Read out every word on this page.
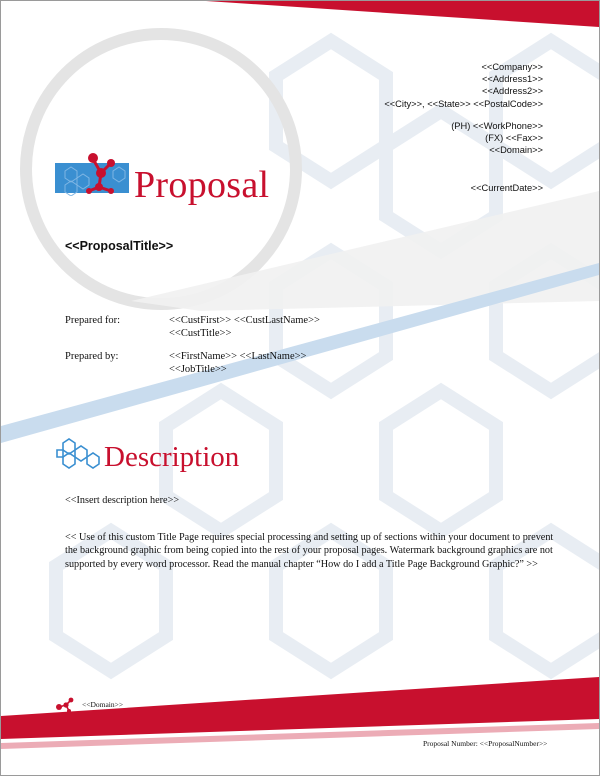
<<Company>>
<<Address1>>
<<Address2>>
<<City>>, <<State>> <<PostalCode>>
(PH) <<WorkPhone>>
(FX) <<Fax>>
<<Domain>>
<<CurrentDate>>
Proposal
<<ProposalTitle>>
Prepared for:	<<CustFirst>> <<CustLastName>>
<<CustTitle>>
Prepared by:	<<FirstName>> <<LastName>>
<<JobTitle>>
Description
<<Insert description here>>
<< Use of this custom Title Page requires special processing and setting up of sections within your document to prevent the background graphic from being copied into the rest of your proposal pages. Watermark background graphics are not supported by every word processor. Read the manual chapter “How do I add a Title Page Background Graphic?” >>
<<Domain>>
Proposal Number: <<ProposalNumber>>
